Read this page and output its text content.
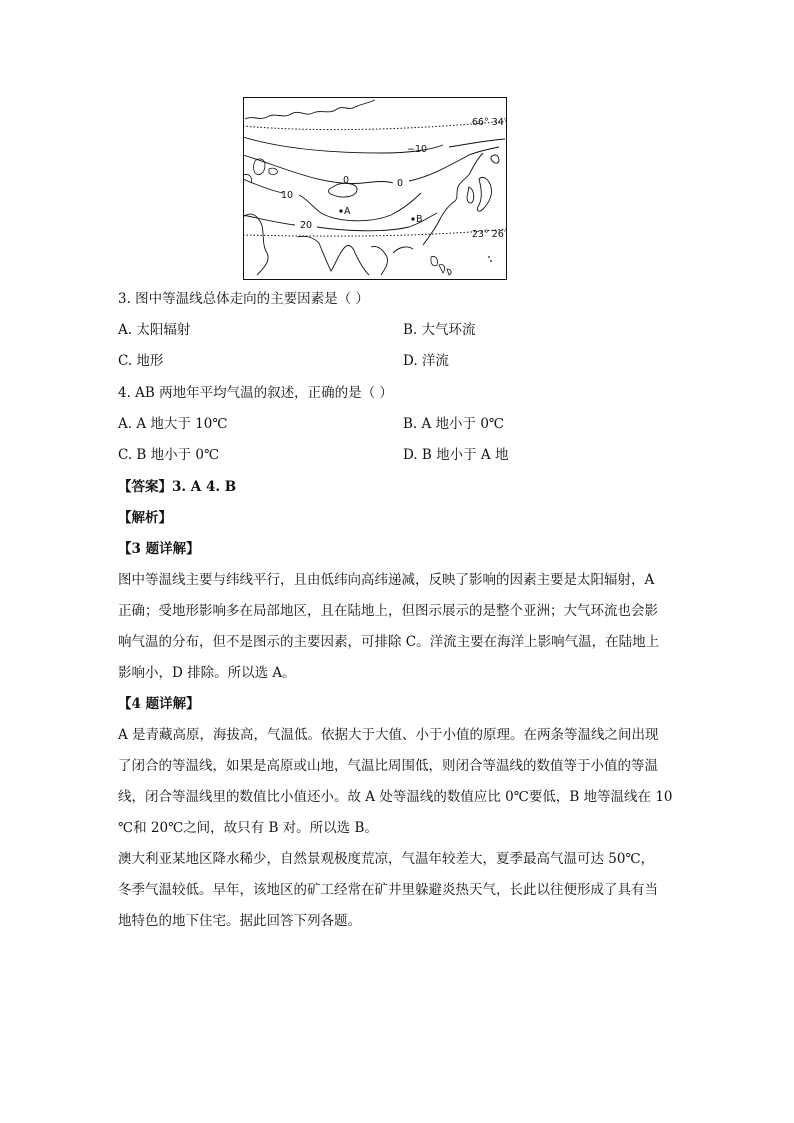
66° 34′
23° 26′
−10
0
0
10
20
A
B
3. 图中等温线总体走向的主要因素是（ ）
A. 太阳辐射	B. 大气环流
C. 地形	D. 洋流
4. AB 两地年平均气温的叙述，正确的是（ ）
A. A 地大于 10℃	B. A 地小于 0℃
C. B 地小于 0℃	D. B 地小于 A 地
【答案】3. A 4. B
【解析】
【3 题详解】

图中等温线主要与纬线平行，且由低纬向高纬递减，反映了影响的因素主要是太阳辐射，A

正确；受地形影响多在局部地区，且在陆地上，但图示展示的是整个亚洲；大气环流也会影

响气温的分布，但不是图示的主要因素，可排除 C。洋流主要在海洋上影响气温，在陆地上

影响小，D 排除。所以选 A。

【4 题详解】

A 是青藏高原，海拔高，气温低。依据大于大值、小于小值的原理。在两条等温线之间出现

了闭合的等温线，如果是高原或山地，气温比周围低，则闭合等温线的数值等于小值的等温

线，闭合等温线里的数值比小值还小。故 A 处等温线的数值应比 0℃要低，B 地等温线在 10

℃和 20℃之间，故只有 B 对。所以选 B。

澳大利亚某地区降水稀少，自然景观极度荒凉，气温年较差大，夏季最高气温可达 50℃，

冬季气温较低。早年，该地区的矿工经常在矿井里躲避炎热天气，长此以往便形成了具有当

地特色的地下住宅。据此回答下列各题。
